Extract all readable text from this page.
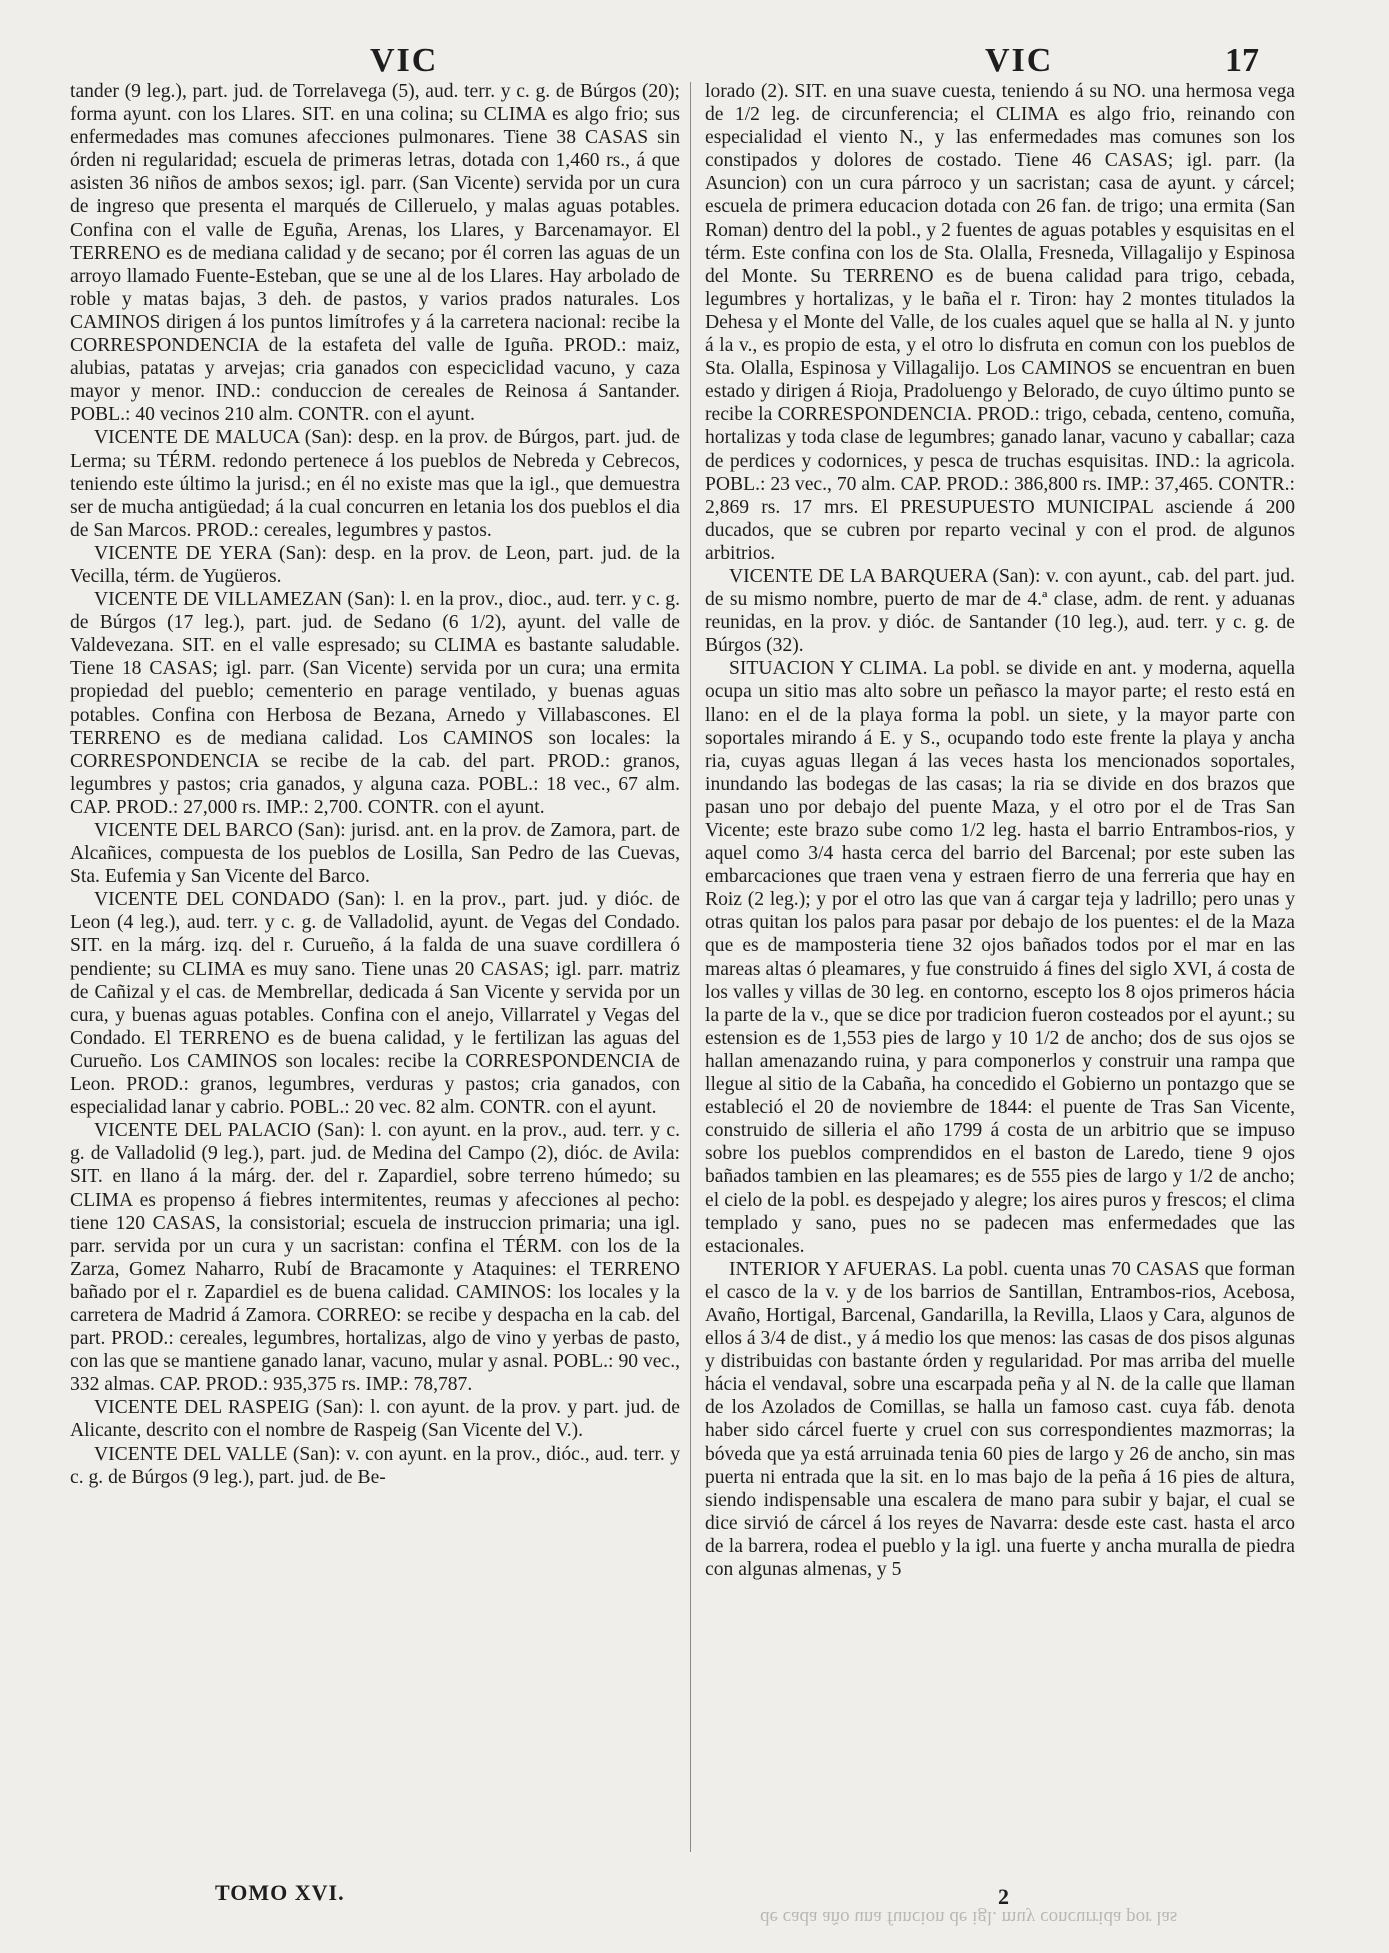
VIC	VIC	17

tander (9 leg.), part. jud. de Torrelavega (5), aud. terr. y c. g. de Búrgos (20); forma ayunt. con los Llares. SIT. en una colina; su CLIMA es algo frio; sus enfermedades mas comunes afecciones pulmonares. Tiene 38 CASAS sin órden ni regularidad; escuela de primeras letras, dotada con 1,460 rs., á que asisten 36 niños de ambos sexos; igl. parr. (San Vicente) servida por un cura de ingreso que presenta el marqués de Cilleruelo, y malas aguas potables. Confina con el valle de Eguña, Arenas, los Llares, y Barcenamayor. El TERRENO es de mediana calidad y de secano; por él corren las aguas de un arroyo llamado Fuente-Esteban, que se une al de los Llares. Hay arbolado de roble y matas bajas, 3 deh. de pastos, y varios prados naturales. Los CAMINOS dirigen á los puntos limítrofes y á la carretera nacional: recibe la CORRESPONDENCIA de la estafeta del valle de Iguña. PROD.: maiz, alubias, patatas y arvejas; cria ganados con especiclidad vacuno, y caza mayor y menor. IND.: conduccion de cereales de Reinosa á Santander. POBL.: 40 vecinos 210 alm. CONTR. con el ayunt.

VICENTE DE MALUCA (San): desp. en la prov. de Búrgos, part. jud. de Lerma; su TÉRM. redondo pertenece á los pueblos de Nebreda y Cebrecos, teniendo este último la jurisd.; en él no existe mas que la igl., que demuestra ser de mucha antigüedad; á la cual concurren en letania los dos pueblos el dia de San Marcos. PROD.: cereales, legumbres y pastos.

VICENTE DE YERA (San): desp. en la prov. de Leon, part. jud. de la Vecilla, térm. de Yugüeros.

VICENTE DE VILLAMEZAN (San): l. en la prov., dioc., aud. terr. y c. g. de Búrgos (17 leg.), part. jud. de Sedano (6 1/2), ayunt. del valle de Valdevezana. SIT. en el valle espresado; su CLIMA es bastante saludable. Tiene 18 CASAS; igl. parr. (San Vicente) servida por un cura; una ermita propiedad del pueblo; cementerio en parage ventilado, y buenas aguas potables. Confina con Herbosa de Bezana, Arnedo y Villabascones. El TERRENO es de mediana calidad. Los CAMINOS son locales: la CORRESPONDENCIA se recibe de la cab. del part. PROD.: granos, legumbres y pastos; cria ganados, y alguna caza. POBL.: 18 vec., 67 alm. CAP. PROD.: 27,000 rs. IMP.: 2,700. CONTR. con el ayunt.

VICENTE DEL BARCO (San): jurisd. ant. en la prov. de Zamora, part. de Alcañices, compuesta de los pueblos de Losilla, San Pedro de las Cuevas, Sta. Eufemia y San Vicente del Barco.

VICENTE DEL CONDADO (San): l. en la prov., part. jud. y dióc. de Leon (4 leg.), aud. terr. y c. g. de Valladolid, ayunt. de Vegas del Condado. SIT. en la márg. izq. del r. Curueño, á la falda de una suave cordillera ó pendiente; su CLIMA es muy sano. Tiene unas 20 CASAS; igl. parr. matriz de Cañizal y el cas. de Membrellar, dedicada á San Vicente y servida por un cura, y buenas aguas potables. Confina con el anejo, Villarratel y Vegas del Condado. El TERRENO es de buena calidad, y le fertilizan las aguas del Curueño. Los CAMINOS son locales: recibe la CORRESPONDENCIA de Leon. PROD.: granos, legumbres, verduras y pastos; cria ganados, con especialidad lanar y cabrio. POBL.: 20 vec. 82 alm. CONTR. con el ayunt.

VICENTE DEL PALACIO (San): l. con ayunt. en la prov., aud. terr. y c. g. de Valladolid (9 leg.), part. jud. de Medina del Campo (2), dióc. de Avila: SIT. en llano á la márg. der. del r. Zapardiel, sobre terreno húmedo; su CLIMA es propenso á fiebres intermitentes, reumas y afecciones al pecho: tiene 120 CASAS, la consistorial; escuela de instruccion primaria; una igl. parr. servida por un cura y un sacristan: confina el TÉRM. con los de la Zarza, Gomez Naharro, Rubí de Bracamonte y Ataquines: el TERRENO bañado por el r. Zapardiel es de buena calidad. CAMINOS: los locales y la carretera de Madrid á Zamora. CORREO: se recibe y despacha en la cab. del part. PROD.: cereales, legumbres, hortalizas, algo de vino y yerbas de pasto, con las que se mantiene ganado lanar, vacuno, mular y asnal. POBL.: 90 vec., 332 almas. CAP. PROD.: 935,375 rs. IMP.: 78,787.

VICENTE DEL RASPEIG (San): l. con ayunt. de la prov. y part. jud. de Alicante, descrito con el nombre de Raspeig (San Vicente del V.).

VICENTE DEL VALLE (San): v. con ayunt. en la prov., dióc., aud. terr. y c. g. de Búrgos (9 leg.), part. jud. de Be-

lorado (2). SIT. en una suave cuesta, teniendo á su NO. una hermosa vega de 1/2 leg. de circunferencia; el CLIMA es algo frio, reinando con especialidad el viento N., y las enfermedades mas comunes son los constipados y dolores de costado. Tiene 46 CASAS; igl. parr. (la Asuncion) con un cura párroco y un sacristan; casa de ayunt. y cárcel; escuela de primera educacion dotada con 26 fan. de trigo; una ermita (San Roman) dentro del la pobl., y 2 fuentes de aguas potables y esquisitas en el térm. Este confina con los de Sta. Olalla, Fresneda, Villagalijo y Espinosa del Monte. Su TERRENO es de buena calidad para trigo, cebada, legumbres y hortalizas, y le baña el r. Tiron: hay 2 montes titulados la Dehesa y el Monte del Valle, de los cuales aquel que se halla al N. y junto á la v., es propio de esta, y el otro lo disfruta en comun con los pueblos de Sta. Olalla, Espinosa y Villagalijo. Los CAMINOS se encuentran en buen estado y dirigen á Rioja, Pradoluengo y Belorado, de cuyo último punto se recibe la CORRESPONDENCIA. PROD.: trigo, cebada, centeno, comuña, hortalizas y toda clase de legumbres; ganado lanar, vacuno y caballar; caza de perdices y codornices, y pesca de truchas esquisitas. IND.: la agricola. POBL.: 23 vec., 70 alm. CAP. PROD.: 386,800 rs. IMP.: 37,465. CONTR.: 2,869 rs. 17 mrs. El PRESUPUESTO MUNICIPAL asciende á 200 ducados, que se cubren por reparto vecinal y con el prod. de algunos arbitrios.

VICENTE DE LA BARQUERA (San): v. con ayunt., cab. del part. jud. de su mismo nombre, puerto de mar de 4.ª clase, adm. de rent. y aduanas reunidas, en la prov. y dióc. de Santander (10 leg.), aud. terr. y c. g. de Búrgos (32).

SITUACION Y CLIMA. La pobl. se divide en ant. y moderna, aquella ocupa un sitio mas alto sobre un peñasco la mayor parte; el resto está en llano: en el de la playa forma la pobl. un siete, y la mayor parte con soportales mirando á E. y S., ocupando todo este frente la playa y ancha ria, cuyas aguas llegan á las veces hasta los mencionados soportales, inundando las bodegas de las casas; la ria se divide en dos brazos que pasan uno por debajo del puente Maza, y el otro por el de Tras San Vicente; este brazo sube como 1/2 leg. hasta el barrio Entrambos-rios, y aquel como 3/4 hasta cerca del barrio del Barcenal; por este suben las embarcaciones que traen vena y estraen fierro de una ferreria que hay en Roiz (2 leg.); y por el otro las que van á cargar teja y ladrillo; pero unas y otras quitan los palos para pasar por debajo de los puentes: el de la Maza que es de mamposteria tiene 32 ojos bañados todos por el mar en las mareas altas ó pleamares, y fue construido á fines del siglo XVI, á costa de los valles y villas de 30 leg. en contorno, escepto los 8 ojos primeros hácia la parte de la v., que se dice por tradicion fueron costeados por el ayunt.; su estension es de 1,553 pies de largo y 10 1/2 de ancho; dos de sus ojos se hallan amenazando ruina, y para componerlos y construir una rampa que llegue al sitio de la Cabaña, ha concedido el Gobierno un pontazgo que se estableció el 20 de noviembre de 1844: el puente de Tras San Vicente, construido de silleria el año 1799 á costa de un arbitrio que se impuso sobre los pueblos comprendidos en el baston de Laredo, tiene 9 ojos bañados tambien en las pleamares; es de 555 pies de largo y 1/2 de ancho; el cielo de la pobl. es despejado y alegre; los aires puros y frescos; el clima templado y sano, pues no se padecen mas enfermedades que las estacionales.

INTERIOR Y AFUERAS. La pobl. cuenta unas 70 CASAS que forman el casco de la v. y de los barrios de Santillan, Entrambos-rios, Acebosa, Avaño, Hortigal, Barcenal, Gandarilla, la Revilla, Llaos y Cara, algunos de ellos á 3/4 de dist., y á medio los que menos: las casas de dos pisos algunas y distribuidas con bastante órden y regularidad. Por mas arriba del muelle hácia el vendaval, sobre una escarpada peña y al N. de la calle que llaman de los Azolados de Comillas, se halla un famoso cast. cuya fáb. denota haber sido cárcel fuerte y cruel con sus correspondientes mazmorras; la bóveda que ya está arruinada tenia 60 pies de largo y 26 de ancho, sin mas puerta ni entrada que la sit. en lo mas bajo de la peña á 16 pies de altura, siendo indispensable una escalera de mano para subir y bajar, el cual se dice sirvió de cárcel á los reyes de Navarra: desde este cast. hasta el arco de la barrera, rodea el pueblo y la igl. una fuerte y ancha muralla de piedra con algunas almenas, y 5

TOMO XVI.	2
de cada año una funcion de igl. muy concurrida por las
